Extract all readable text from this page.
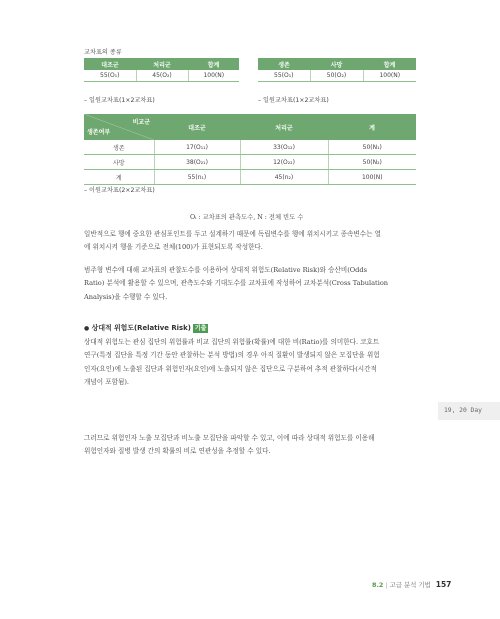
교차표의 종류
대조군	처리군	합계
55(O₁)	45(O₂)	100(N)
– 일원교차표(1×2교차표)
생존	사망	합계
55(O₁)	50(O₂)	100(N)
– 일원교차표(1×2교차표)
비교군
생존여부	대조군	처리군	계
생존	17(O₁₁)	33(O₁₂)	50(N₁)
사망	38(O₂₁)	12(O₂₂)	50(N₂)
계	55(n₁)	45(n₂)	100(N)
– 이원교차표(2×2교차표)
Oᵢ : 교차표의 관측도수, N : 전체 빈도 수
일반적으로 행에 중요한 관심포인트를 두고 설계하기 때문에 독립변수를 행에 위치시키고 종속변수는 열
에 위치시켜 행을 기준으로 전체(100)가 표현되도록 작성한다.
범주형 변수에 대해 교차표의 관찰도수를 이용하여 상대적 위험도(Relative Risk)와 승산비(Odds
Ratio) 분석에 활용할 수 있으며, 관측도수와 기대도수를 교차표에 작성하여 교차분석(Cross Tabulation
Analysis)을 수행할 수 있다.
● 상대적 위험도(Relative Risk) 기출
상대적 위험도는 관심 집단의 위험률과 비교 집단의 위험률(확률)에 대한 비(Ratio)를 의미한다. 코호트
연구(특정 집단을 특정 기간 동안 관찰하는 분석 방법)의 경우 아직 질환이 발생되지 않은 모집단을 위험
인자(요인)에 노출된 집단과 위험인자(요인)에 노출되지 않은 집단으로 구분하여 추적 관찰하다(시간적
개념이 포함됨).
그러므로 위험인자 노출 모집단과 비노출 모집단을 파악할 수 있고, 이에 따라 상대적 위험도를 이용해
위험인자와 질병 발생 간의 확률의 비로 연관성을 추정할 수 있다.
19, 20 Day
8.2 | 고급 분석 기법 157
